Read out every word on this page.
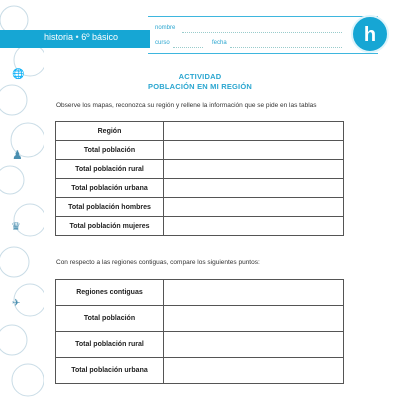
🌐
♟
♛
✈
historia • 6º básico
nombre
curso	fecha	h
ACTIVIDAD
POBLACIÓN EN MI REGIÓN
Observe los mapas, reconozca su región y rellene la información que se pide en las tablas
Región	
Total población	
Total población rural	
Total población urbana	
Total población hombres	
Total población mujeres	
Con respecto a las regiones contiguas, compare los siguientes puntos:
Regiones contiguas	
Total población	
Total población rural	
Total población urbana	
